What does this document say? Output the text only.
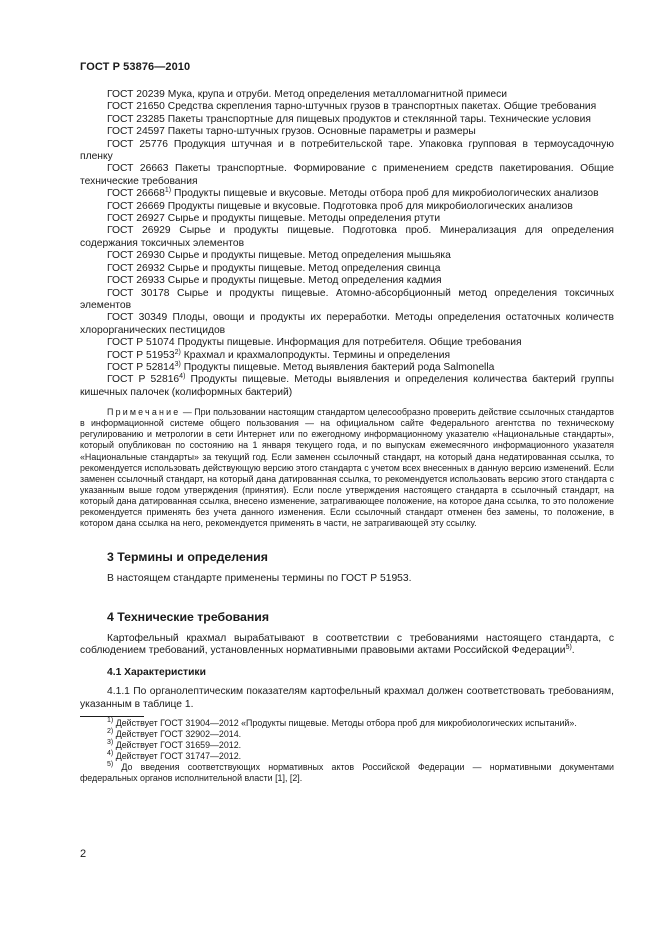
ГОСТ Р 53876—2010

ГОСТ 20239 Мука, крупа и отруби. Метод определения металломагнитной примеси

ГОСТ 21650 Средства скрепления тарно-штучных грузов в транспортных пакетах. Общие требования

ГОСТ 23285 Пакеты транспортные для пищевых продуктов и стеклянной тары. Технические условия

ГОСТ 24597 Пакеты тарно-штучных грузов. Основные параметры и размеры

ГОСТ 25776 Продукция штучная и в потребительской таре. Упаковка групповая в термоусадочную пленку

ГОСТ 26663 Пакеты транспортные. Формирование с применением средств пакетирования. Общие технические требования

ГОСТ 26668$^{1)}$ Продукты пищевые и вкусовые. Методы отбора проб для микробиологических анализов

ГОСТ 26669 Продукты пищевые и вкусовые. Подготовка проб для микробиологических анализов

ГОСТ 26927 Сырье и продукты пищевые. Методы определения ртути

ГОСТ 26929 Сырье и продукты пищевые. Подготовка проб. Минерализация для определения содержания токсичных элементов

ГОСТ 26930 Сырье и продукты пищевые. Метод определения мышьяка

ГОСТ 26932 Сырье и продукты пищевые. Метод определения свинца

ГОСТ 26933 Сырье и продукты пищевые. Метод определения кадмия

ГОСТ 30178 Сырье и продукты пищевые. Атомно-абсорбционный метод определения токсичных элементов

ГОСТ 30349 Плоды, овощи и продукты их переработки. Методы определения остаточных количеств хлорорганических пестицидов

ГОСТ Р 51074 Продукты пищевые. Информация для потребителя. Общие требования

ГОСТ Р 51953$^{2)}$ Крахмал и крахмалопродукты. Термины и определения

ГОСТ Р 52814$^{3)}$ Продукты пищевые. Метод выявления бактерий рода Salmonella

ГОСТ Р 52816$^{4)}$ Продукты пищевые. Методы выявления и определения количества бактерий группы кишечных палочек (колиформных бактерий)

Примечание — При пользовании настоящим стандартом целесообразно проверить действие ссылочных стандартов в информационной системе общего пользования — на официальном сайте Федерального агентства по техническому регулированию и метрологии в сети Интернет или по ежегодному информационному указателю «Национальные стандарты», который опубликован по состоянию на 1 января текущего года, и по выпускам ежемесячного информационного указателя «Национальные стандарты» за текущий год. Если заменен ссылочный стандарт, на который дана недатированная ссылка, то рекомендуется использовать действующую версию этого стандарта с учетом всех внесенных в данную версию изменений. Если заменен ссылочный стандарт, на который дана датированная ссылка, то рекомендуется использовать версию этого стандарта с указанным выше годом утверждения (принятия). Если после утверждения настоящего стандарта в ссылочный стандарт, на который дана датированная ссылка, внесено изменение, затрагивающее положение, на которое дана ссылка, то это положение рекомендуется применять без учета данного изменения. Если ссылочный стандарт отменен без замены, то положение, в котором дана ссылка на него, рекомендуется применять в части, не затрагивающей эту ссылку.

3 Термины и определения

В настоящем стандарте применены термины по ГОСТ Р 51953.

4 Технические требования

Картофельный крахмал вырабатывают в соответствии с требованиями настоящего стандарта, с соблюдением требований, установленных нормативными правовыми актами Российской Федерации$^{5)}$.

4.1 Характеристики

4.1.1 По органолептическим показателям картофельный крахмал должен соответствовать требованиям, указанным в таблице 1.

$^{1)}$ Действует ГОСТ 31904—2012 «Продукты пищевые. Методы отбора проб для микробиологических испытаний».

$^{2)}$ Действует ГОСТ 32902—2014.

$^{3)}$ Действует ГОСТ 31659—2012.

$^{4)}$ Действует ГОСТ 31747—2012.

$^{5)}$ До введения соответствующих нормативных актов Российской Федерации — нормативными документами федеральных органов исполнительной власти [1], [2].

2
